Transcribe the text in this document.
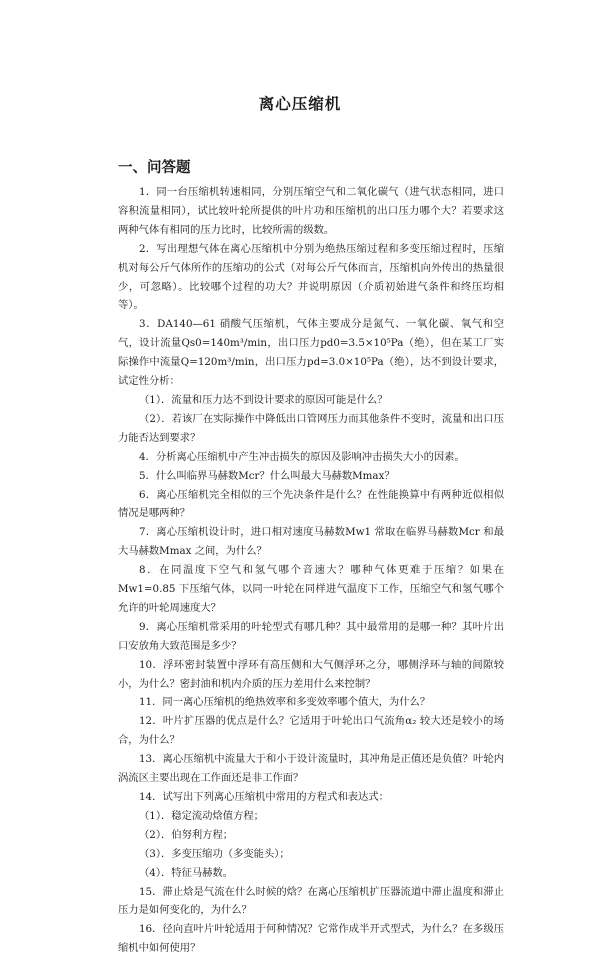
离心压缩机
一、问答题

1．同一台压缩机转速相同，分别压缩空气和二氧化碳气（进气状态相同，进口容积流量相同），试比较叶轮所提供的叶片功和压缩机的出口压力哪个大？若要求这两种气体有相同的压力比时，比较所需的级数。

2．写出理想气体在离心压缩机中分别为绝热压缩过程和多变压缩过程时，压缩机对每公斤气体所作的压缩功的公式（对每公斤气体而言，压缩机向外传出的热量很少，可忽略）。比较哪个过程的功大？并说明原因（介质初始进气条件和终压均相等）。

3．DA140—61 硝酸气压缩机，气体主要成分是氮气、一氧化碳、氧气和空气，设计流量Qs0=140m³/min，出口压力pd0=3.5×10⁵Pa（绝），但在某工厂实际操作中流量Q=120m³/min，出口压力pd=3.0×10⁵Pa（绝），达不到设计要求，试定性分析：

（1）．流量和压力达不到设计要求的原因可能是什么？

（2）．若该厂在实际操作中降低出口管网压力而其他条件不变时，流量和出口压力能否达到要求？

4．分析离心压缩机中产生冲击损失的原因及影响冲击损失大小的因素。

5．什么叫临界马赫数Mcr？什么叫最大马赫数Mmax？

6．离心压缩机完全相似的三个先决条件是什么？在性能换算中有两种近似相似情况是哪两种？

7．离心压缩机设计时，进口相对速度马赫数Mw1 常取在临界马赫数Mcr 和最大马赫数Mmax 之间，为什么？

8．在同温度下空气和氢气哪个音速大？哪种气体更难于压缩？如果在Mw1=0.85 下压缩气体，以同一叶轮在同样进气温度下工作，压缩空气和氢气哪个允许的叶轮周速度大？

9．离心压缩机常采用的叶轮型式有哪几种？其中最常用的是哪一种？其叶片出口安放角大致范围是多少？

10．浮环密封装置中浮环有高压侧和大气侧浮环之分，哪侧浮环与轴的间隙较小，为什么？密封油和机内介质的压力差用什么来控制？

11．同一离心压缩机的绝热效率和多变效率哪个值大，为什么？

12．叶片扩压器的优点是什么？它适用于叶轮出口气流角α₂ 较大还是较小的场合，为什么？

13．离心压缩机中流量大于和小于设计流量时，其冲角是正值还是负值？叶轮内涡流区主要出现在工作面还是非工作面？

14．试写出下列离心压缩机中常用的方程式和表达式：

（1）．稳定流动焓值方程；

（2）．伯努利方程；

（3）．多变压缩功（多变能头）；

（4）．特征马赫数。

15．滞止焓是气流在什么时候的焓？在离心压缩机扩压器流道中滞止温度和滞止压力是如何变化的，为什么？

16．径向直叶片叶轮适用于何种情况？它常作成半开式型式，为什么？在多级压缩机中如何使用？
